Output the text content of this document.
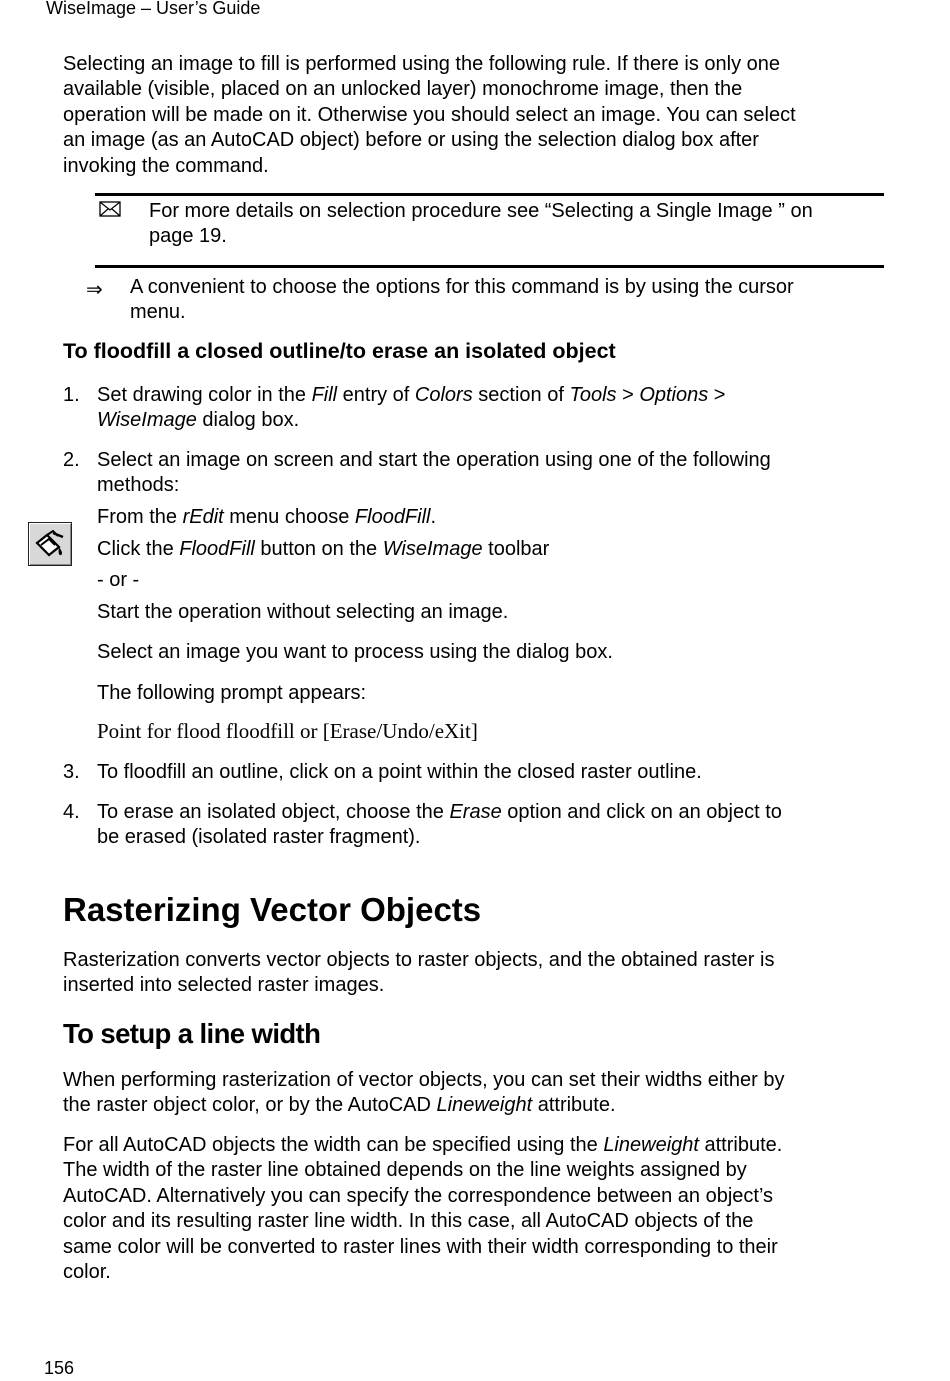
WiseImage – User’s Guide
Selecting an image to fill is performed using the following rule. If there is only one
available (visible, placed on an unlocked layer) monochrome image, then the
operation will be made on it. Otherwise you should select an image. You can select
an image (as an AutoCAD object) before or using the selection dialog box after
invoking the command.
For more details on selection procedure see “Selecting a Single Image ” on
page 19.
⇒ A convenient to choose the options for this command is by using the cursor
menu.
To floodfill a closed outline/to erase an isolated object
1. Set drawing color in the Fill entry of Colors section of Tools > Options >
WiseImage dialog box.
2. Select an image on screen and start the operation using one of the following
methods:
From the rEdit menu choose FloodFill.
Click the FloodFill button on the WiseImage toolbar
- or -
Start the operation without selecting an image.
Select an image you want to process using the dialog box.
The following prompt appears:
Point for flood floodfill or [Erase/Undo/eXit]
3. To floodfill an outline, click on a point within the closed raster outline.
4. To erase an isolated object, choose the Erase option and click on an object to
be erased (isolated raster fragment).
Rasterizing Vector Objects
Rasterization converts vector objects to raster objects, and the obtained raster is
inserted into selected raster images.
To setup a line width
When performing rasterization of vector objects, you can set their widths either by
the raster object color, or by the AutoCAD Lineweight attribute.
For all AutoCAD objects the width can be specified using the Lineweight attribute.
The width of the raster line obtained depends on the line weights assigned by
AutoCAD. Alternatively you can specify the correspondence between an object’s
color and its resulting raster line width. In this case, all AutoCAD objects of the
same color will be converted to raster lines with their width corresponding to their
color.
156
